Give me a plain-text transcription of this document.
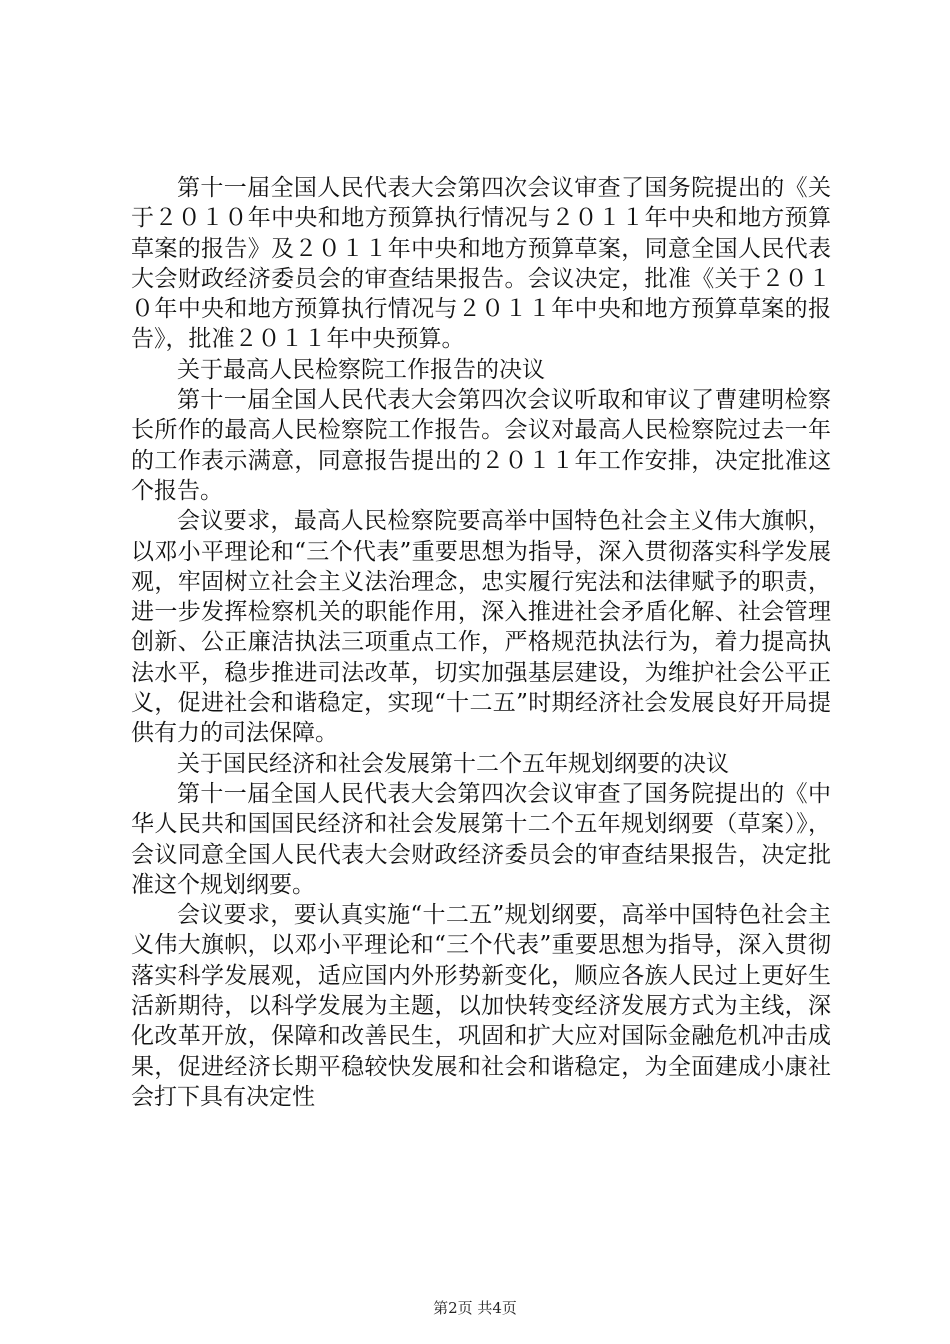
第十一届全国人民代表大会第四次会议审查了国务院提出的《关于２０１０年中央和地方预算执行情况与２０１１年中央和地方预算草案的报告》及２０１１年中央和地方预算草案，同意全国人民代表大会财政经济委员会的审查结果报告。会议决定，批准《关于２０１０年中央和地方预算执行情况与２０１１年中央和地方预算草案的报告》，批准２０１１年中央预算。

关于最高人民检察院工作报告的决议

第十一届全国人民代表大会第四次会议听取和审议了曹建明检察长所作的最高人民检察院工作报告。会议对最高人民检察院过去一年的工作表示满意，同意报告提出的２０１１年工作安排，决定批准这个报告。

会议要求，最高人民检察院要高举中国特色社会主义伟大旗帜，以邓小平理论和“三个代表”重要思想为指导，深入贯彻落实科学发展观，牢固树立社会主义法治理念，忠实履行宪法和法律赋予的职责，进一步发挥检察机关的职能作用，深入推进社会矛盾化解、社会管理创新、公正廉洁执法三项重点工作，严格规范执法行为，着力提高执法水平，稳步推进司法改革，切实加强基层建设，为维护社会公平正义，促进社会和谐稳定，实现“十二五”时期经济社会发展良好开局提供有力的司法保障。

关于国民经济和社会发展第十二个五年规划纲要的决议

第十一届全国人民代表大会第四次会议审查了国务院提出的《中华人民共和国国民经济和社会发展第十二个五年规划纲要（草案）》，会议同意全国人民代表大会财政经济委员会的审查结果报告，决定批准这个规划纲要。

会议要求，要认真实施“十二五”规划纲要，高举中国特色社会主义伟大旗帜，以邓小平理论和“三个代表”重要思想为指导，深入贯彻落实科学发展观，适应国内外形势新变化，顺应各族人民过上更好生活新期待，以科学发展为主题，以加快转变经济发展方式为主线，深化改革开放，保障和改善民生，巩固和扩大应对国际金融危机冲击成果，促进经济长期平稳较快发展和社会和谐稳定，为全面建成小康社会打下具有决定性

第2页 共4页
